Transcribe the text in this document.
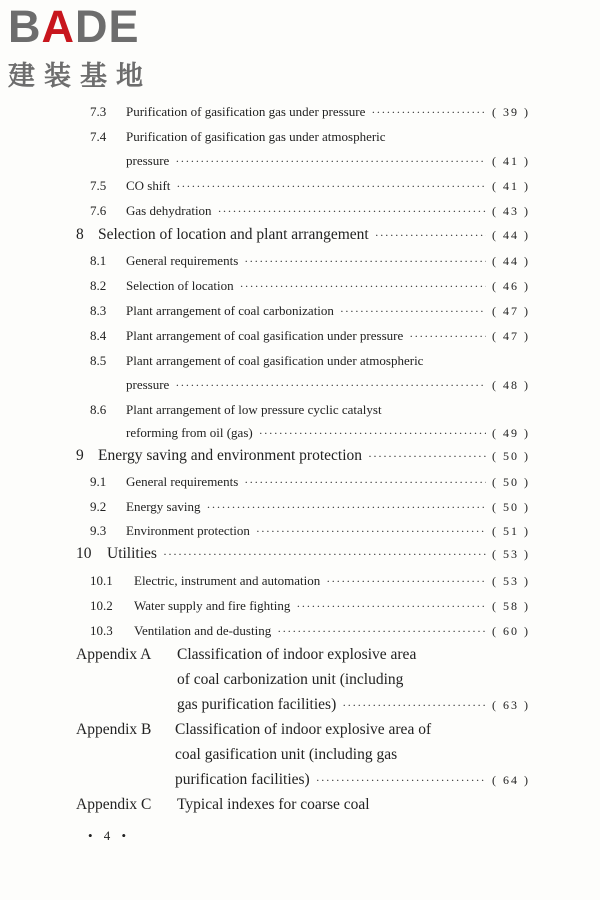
BADE
建装基地
7.3	Purification of gasification gas under pressure ·····	( 39 )
7.4	Purification of gasification gas under atmospheric
pressure ·····	( 41 )
7.5	CO shift ·····	( 41 )
7.6	Gas dehydration ·····	( 43 )
8 Selection of location and plant arrangement ·····	( 44 )
8.1	General requirements ·····	( 44 )
8.2	Selection of location ·····	( 46 )
8.3	Plant arrangement of coal carbonization ·····	( 47 )
8.4	Plant arrangement of coal gasification under pressure ·····	( 47 )
8.5	Plant arrangement of coal gasification under atmospheric
pressure ·····	( 48 )
8.6	Plant arrangement of low pressure cyclic catalyst
reforming from oil (gas) ·····	( 49 )
9 Energy saving and environment protection ·····	( 50 )
9.1	General requirements ·····	( 50 )
9.2	Energy saving ·····	( 50 )
9.3	Environment protection ·····	( 51 )
10	Utilities ·····	( 53 )
10.1	Electric, instrument and automation ·····	( 53 )
10.2	Water supply and fire fighting ·····	( 58 )
10.3	Ventilation and de-dusting ·····	( 60 )
Appendix A	Classification of indoor explosive area
of coal carbonization unit (including
gas purification facilities) ·····	( 63 )
Appendix B	Classification of indoor explosive area of
coal gasification unit (including gas
purification facilities) ·····	( 64 )
Appendix C	Typical indexes for coarse coal
• 4 •
